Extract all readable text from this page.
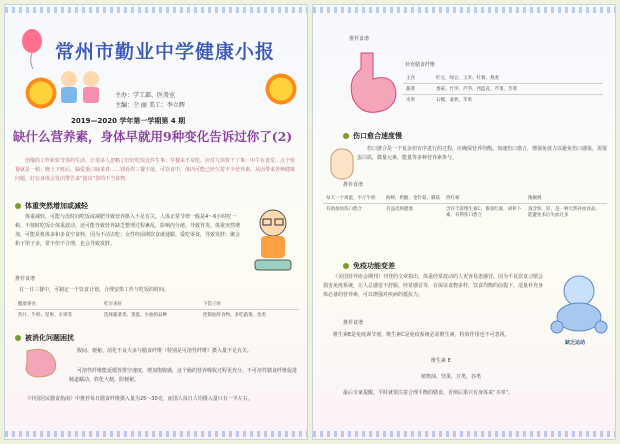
常州市勤业中学健康小报
主办：学工部、医务室
主编：仝 丽 美工：李立辉
2019—2020 学年第一学期第 4 期
缺什么营养素，身体早就用9种变化告诉过你了(2)
但缘的工作和快节奏的生活，让很多人忽略了好好吃饭这件生事；早餐来不及吃，应付几块饼干了事；中午在食堂，点个快餐就是一顿；晚上下班后，偏爱重口味菜肴……别看你三餐不落，可饮食中，体内可能已经欠着不少营养素。从而带来各种健康问题，好在身体会发出警告来“提出”你的不当食物。
体重突然增加或减轻
体重减轻，可能与没时间吃饭或减肥导致营养摄入不足有关。人体正常节律一般是4～6小时吃一顿，不按时吃饭让体重波动，还可能导致营养缺乏整理过程紊乱，影响内分泌，导致胃炎。体重突然增加，可能是机体多和多食空食料，因为不动去吃；女性经前期饮食就通膨，爱吃零食，导致发胖；聚会和下馆子多，常不但不合理，也会导致发胖。
推荐食谱
在一日三餐中，可制定一个饮食计划，合理安排工作与吃饭的时间。
健康零食	吃早来好	下馆子时
热片、牛奶、坚果、水果等	选择蔬菜类、蒸蛋、少油的品种	控制油炸食物、多吃蔬菜、鱼类
被消化问题困扰
腹闷、便秘、消化不良大多与膳食纤维（特别是可溶性纤维）摄入量不足有关。
可溶性纤维能延缓胃排空速度，增加饱腹感，这个肠的营养吸收过程更充分。不可溶性膳食纤维促进肠道蠕动，软化大便，防便秘。
《中国居民膳食指南》中推荐每日膳食纤维摄入量为25～30克，而国人每日人均摄入量只有一半左右。
推荐食谱
补充膳食纤维
主食	红豆、绿豆、玉米、红薯、燕麦
蔬菜	香菇、竹笋、芦笋、西蓝花、芹菜、苦菜
水果	石榴、桑葚、苹果
伤口愈合速度慢
伤口愈合是一个复杂但有序进行的过程，应确保营养均衡。加速伤口愈合，增强免疫力以避免伤口感染，需要蛋白质，微量元素，能量等多种营养素参与。
推荐食谱
每天一个鸡蛋，半斤牛奶	海鲜，奶酪、金针菇、蘑菇	西红柿	猕猴桃
有助加快伤口愈合	有益皮肤健康	含有丰富维生素C，番茄红素，胡萝卜素，有利伤口愈合	富含铁，锌，是一种天然补血食品，能避免术后失血过多
免疫功能变差
《美国营养协会期刊》刊登的文章指出，体重经常波动的人更容易患感冒，因为不良饮食习惯会损害免疫系统，让人总感觉不舒服、经常感冒等，在保证食物多样，饮食均衡的前提下，适量补充身体必备的营养素，可以增强对疾病的抵抗力。
推荐食谱
维生素E是免疫调节剂，维生素C是免疫系统必需维生素，特效作用也不可忽视。
维生素 E
植物油，坚果，豆类，谷类
最后专家提醒，平时就要注意合理平衡的膳食，否则后果只有身体来“买单”。
缺乏运动
